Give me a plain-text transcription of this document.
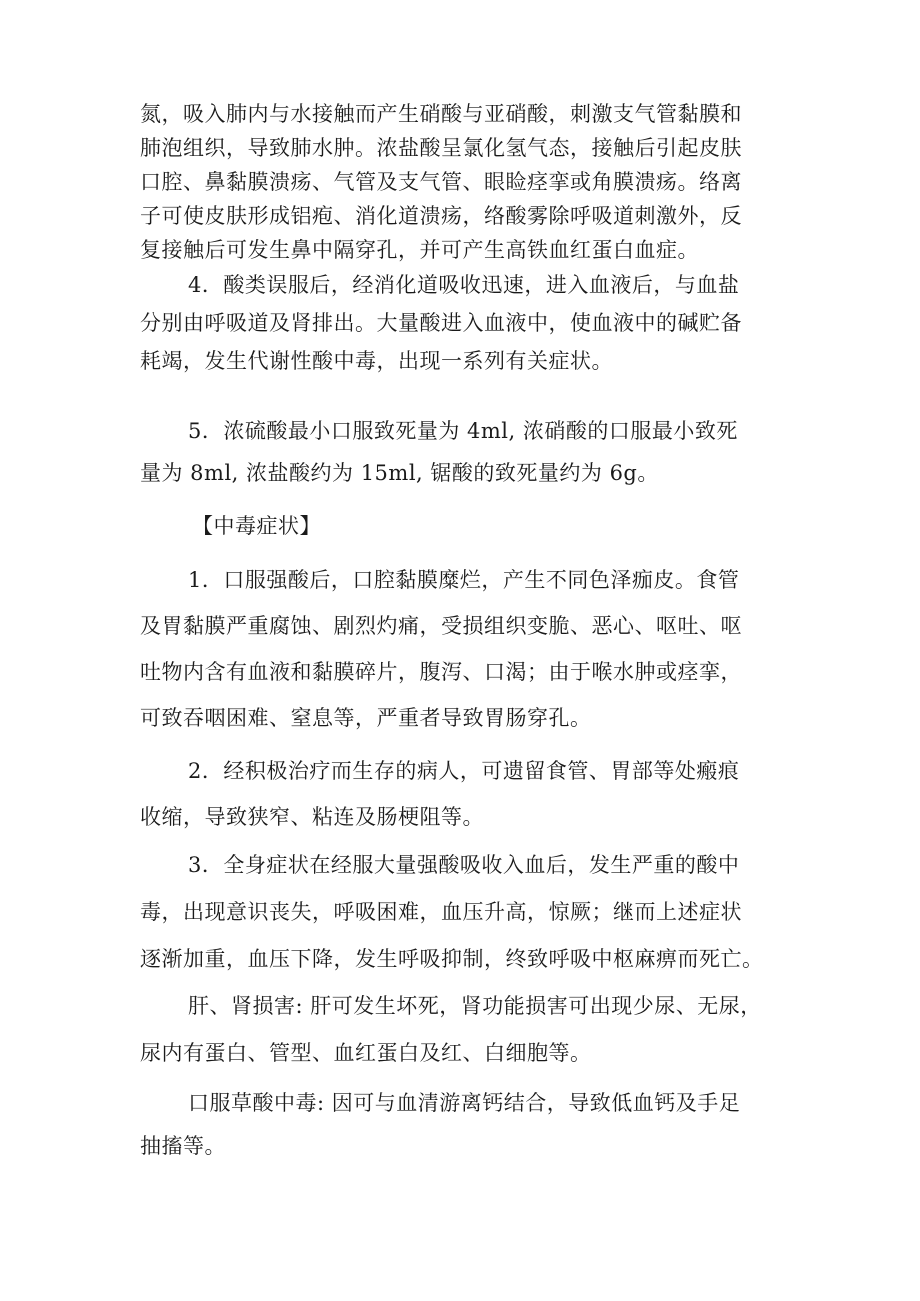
氮，吸入肺内与水接触而产生硝酸与亚硝酸，刺激支气管黏膜和
肺泡组织，导致肺水肿。浓盐酸呈氯化氢气态，接触后引起皮肤
口腔、鼻黏膜溃疡、气管及支气管、眼睑痉挛或角膜溃疡。络离
子可使皮肤形成铝疱、消化道溃疡，络酸雾除呼吸道刺激外，反
复接触后可发生鼻中隔穿孔，并可产生高铁血红蛋白血症。

4．酸类误服后，经消化道吸收迅速，进入血液后，与血盐
分别由呼吸道及肾排出。大量酸进入血液中，使血液中的碱贮备
耗竭，发生代谢性酸中毒，出现一系列有关症状。

5．浓硫酸最小口服致死量为 4ml, 浓硝酸的口服最小致死
量为 8ml, 浓盐酸约为 15ml, 锯酸的致死量约为 6g。

【中毒症状】

1．口服强酸后，口腔黏膜糜烂，产生不同色泽痂皮。食管
及胃黏膜严重腐蚀、剧烈灼痛，受损组织变脆、恶心、呕吐、呕
吐物内含有血液和黏膜碎片，腹泻、口渴；由于喉水肿或痉挛，
可致吞咽困难、窒息等，严重者导致胃肠穿孔。

2．经积极治疗而生存的病人，可遗留食管、胃部等处瘢痕
收缩，导致狭窄、粘连及肠梗阻等。

3．全身症状在经服大量强酸吸收入血后，发生严重的酸中
毒，出现意识丧失，呼吸困难，血压升高，惊厥；继而上述症状
逐渐加重，血压下降，发生呼吸抑制，终致呼吸中枢麻痹而死亡。

肝、肾损害: 肝可发生坏死，肾功能损害可出现少尿、无尿，
尿内有蛋白、管型、血红蛋白及红、白细胞等。

口服草酸中毒: 因可与血清游离钙结合，导致低血钙及手足
抽搐等。
